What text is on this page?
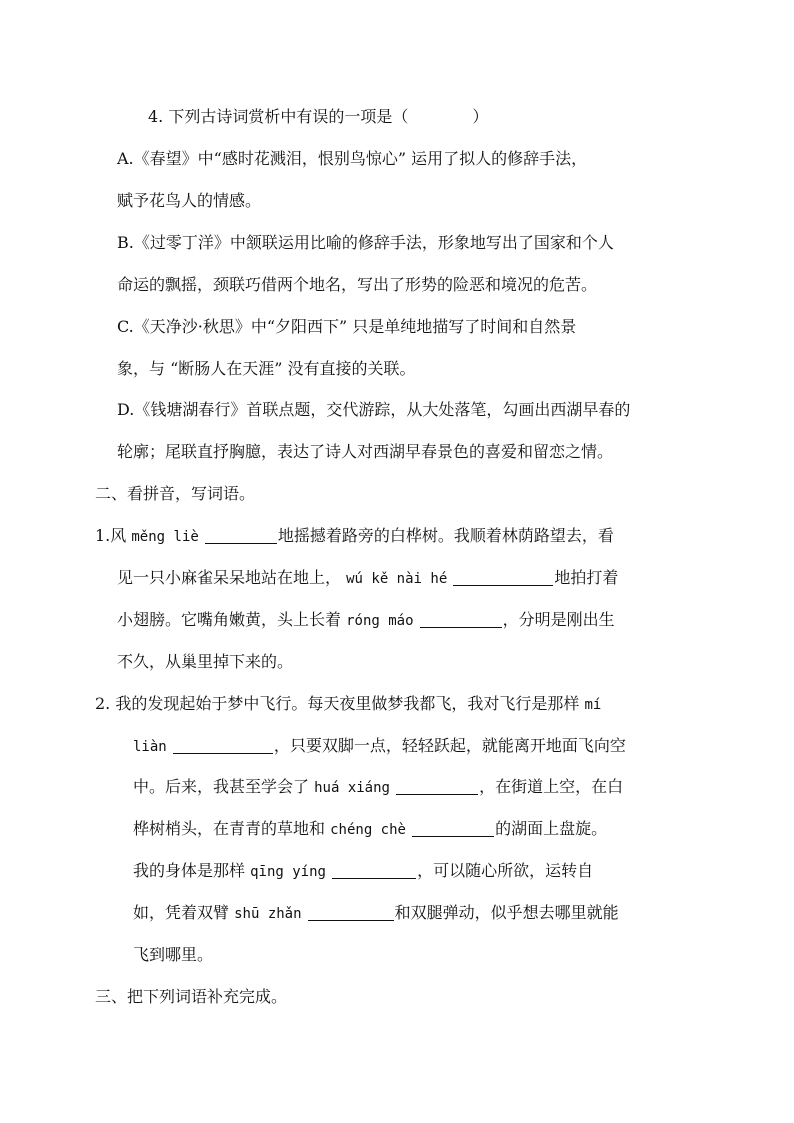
4. 下列古诗词赏析中有误的一项是（	）
A.《春望》中“感时花溅泪，恨别鸟惊心” 运用了拟人的修辞手法，
赋予花鸟人的情感。
B.《过零丁洋》中颔联运用比喻的修辞手法，形象地写出了国家和个人
命运的飘摇，颈联巧借两个地名，写出了形势的险恶和境况的危苦。
C.《天净沙·秋思》中“夕阳西下” 只是单纯地描写了时间和自然景
象，与 “断肠人在天涯” 没有直接的关联。
D.《钱塘湖春行》首联点题，交代游踪，从大处落笔，勾画出西湖早春的
轮廓；尾联直抒胸臆，表达了诗人对西湖早春景色的喜爱和留恋之情。
二、看拼音，写词语。
1.风 měng liè	地摇撼着路旁的白桦树。我顺着林荫路望去，看
见一只小麻雀呆呆地站在地上， wú kě nài hé	地拍打着
小翅膀。它嘴角嫩黄，头上长着 róng máo	，分明是刚出生
不久，从巢里掉下来的。
2. 我的发现起始于梦中飞行。每天夜里做梦我都飞，我对飞行是那样 mí
liàn	，只要双脚一点，轻轻跃起，就能离开地面飞向空
中。后来，我甚至学会了 huá xiáng	，在街道上空，在白
桦树梢头，在青青的草地和 chéng chè	的湖面上盘旋。
我的身体是那样 qīng yíng	，可以随心所欲，运转自
如，凭着双臂 shū zhǎn	和双腿弹动，似乎想去哪里就能
飞到哪里。
三、把下列词语补充完成。
